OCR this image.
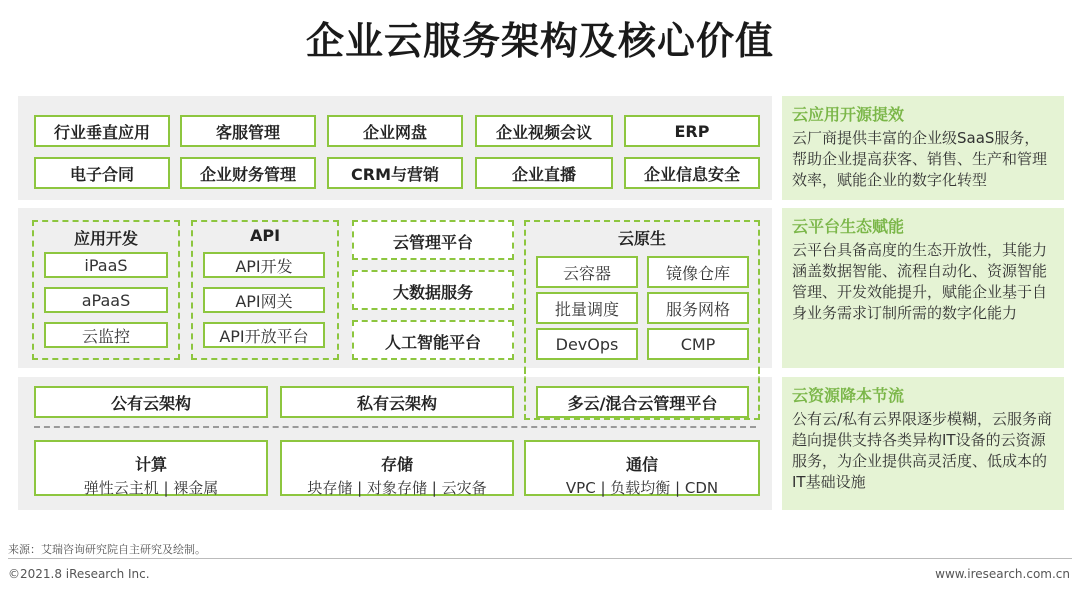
企业云服务架构及核心价值
行业垂直应用	客服管理	企业网盘	企业视频会议	ERP
电子合同	企业财务管理	CRM与营销	企业直播	企业信息安全
应用开发
iPaaS
aPaaS
云监控
API
API开发
API网关
API开放平台
云管理平台
大数据服务
人工智能平台
云原生
云容器	镜像仓库
批量调度	服务网格
DevOps	CMP
公有云架构	私有云架构	多云/混合云管理平台
计算
弹性云主机 | 裸金属
存储
块存储 | 对象存储 | 云灾备
通信
VPC | 负载均衡 | CDN
云应用开源提效
云厂商提供丰富的企业级SaaS服务，帮助企业提高获客、销售、生产和管理效率，赋能企业的数字化转型
云平台生态赋能
云平台具备高度的生态开放性，其能力涵盖数据智能、流程自动化、资源智能管理、开发效能提升，赋能企业基于自身业务需求订制所需的数字化能力
云资源降本节流
公有云/私有云界限逐步模糊，云服务商趋向提供支持各类异构IT设备的云资源服务，为企业提供高灵活度、低成本的IT基础设施
来源：艾瑞咨询研究院自主研究及绘制。
©2021.8 iResearch Inc.	www.iresearch.com.cn
